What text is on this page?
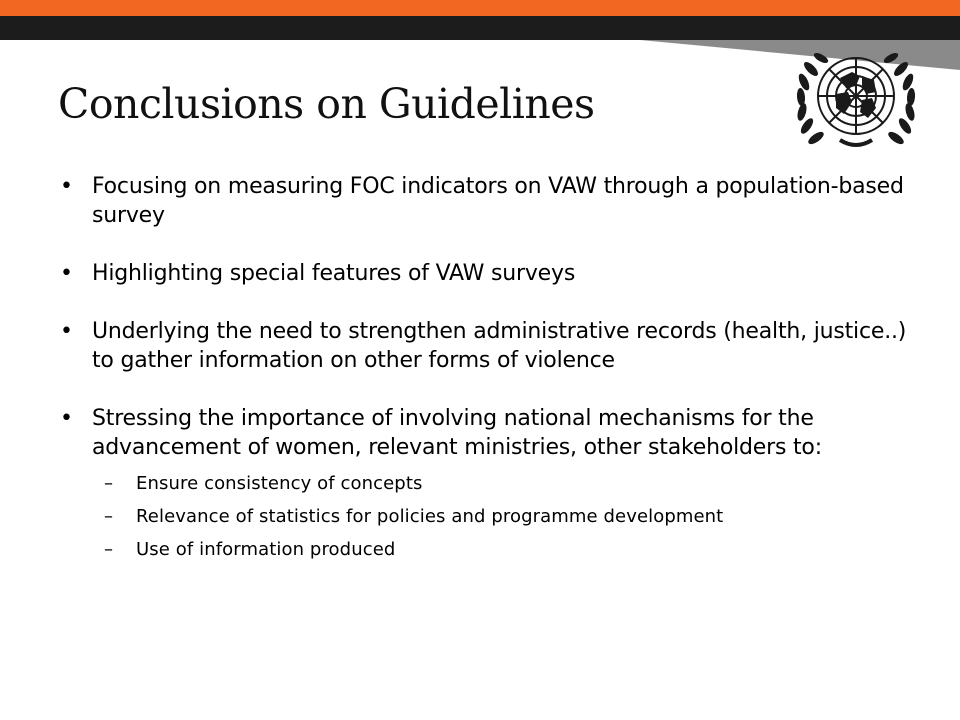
Conclusions on Guidelines
• Focusing on measuring FOC indicators on VAW through a population-based survey
• Highlighting special features of VAW surveys
• Underlying the need to strengthen administrative records (health, justice..) to gather information on other forms of violence
• Stressing the importance of involving national mechanisms for the advancement of women, relevant ministries, other stakeholders to:
– Ensure consistency of concepts
– Relevance of statistics for policies and programme development
– Use of information produced
